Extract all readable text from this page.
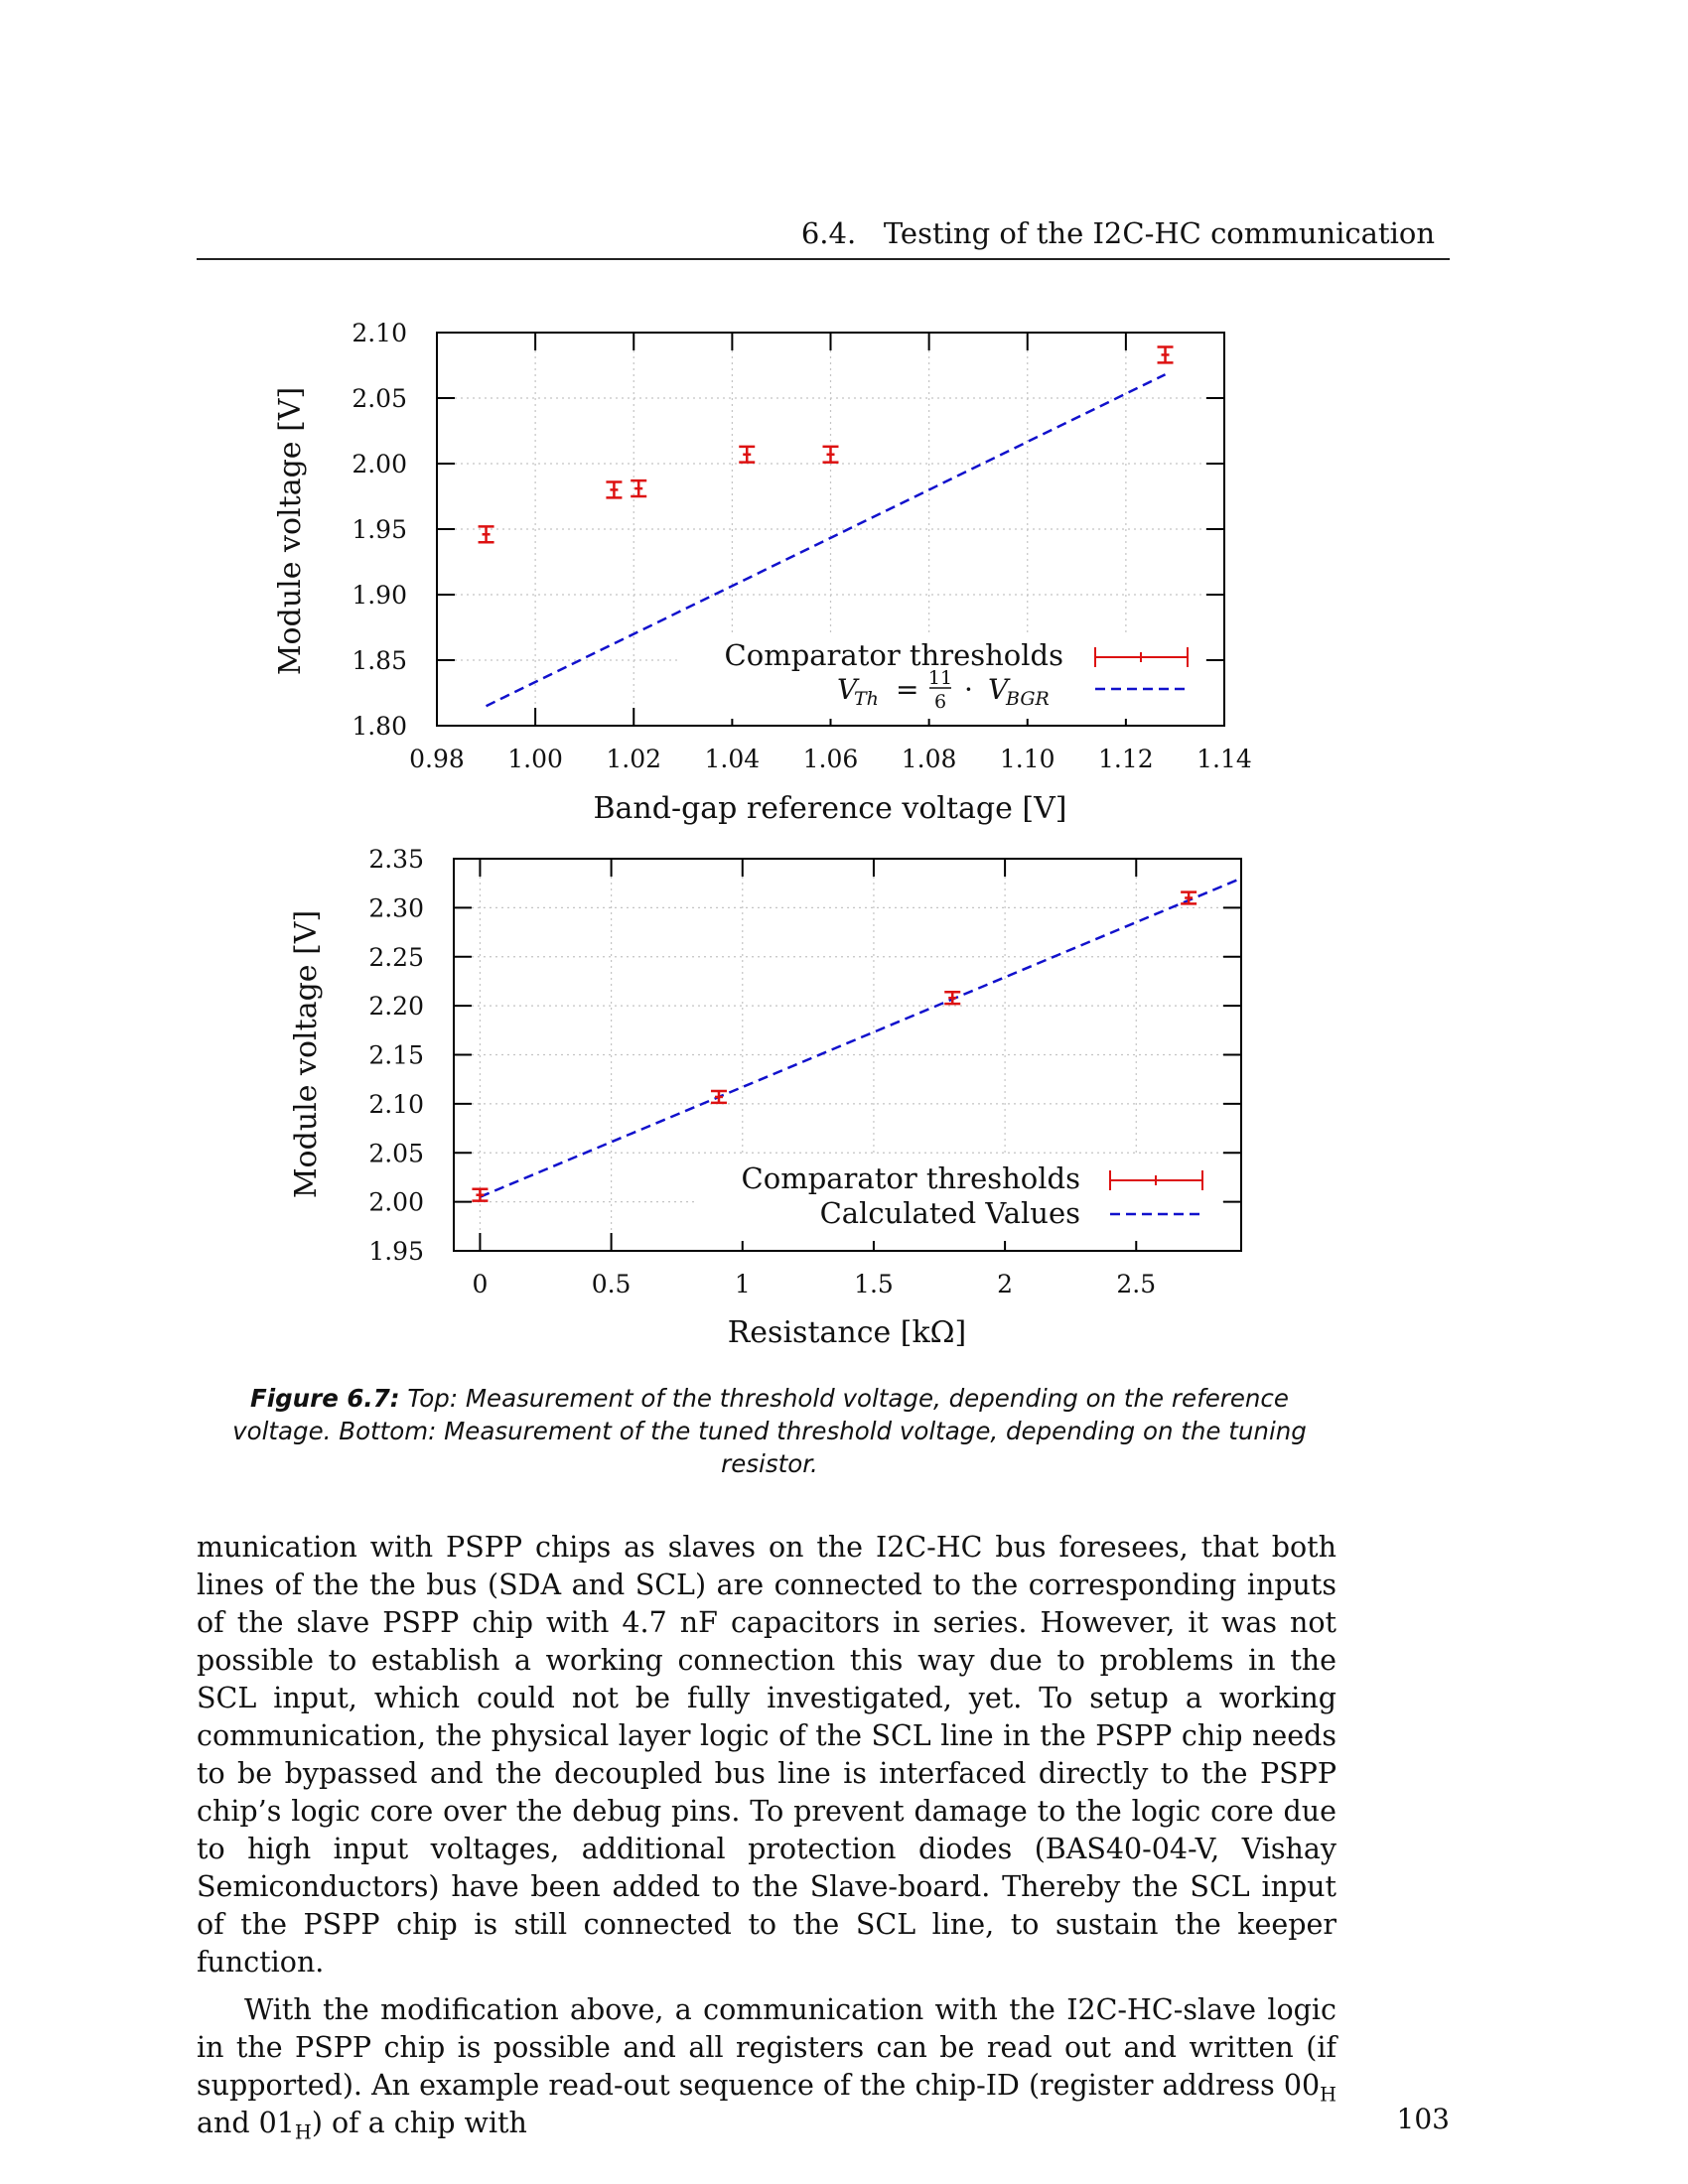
6.4. Testing of the I2C-HC communication
1.80
1.85
1.90
1.95
2.00
2.05
2.10
0.98 1.00 1.02 1.04 1.06 1.08 1.10 1.12 1.14
Module voltage [V]
Band-gap reference voltage [V]
Comparator thresholds
V
Th = 11
6 · V
BGR
1.95
2.00
2.05
2.10
2.15
2.20
2.25
2.30
2.35
0	0.5	1	1.5	2	2.5
Module voltage [V]
Resistance [kΩ]
Comparator thresholds
Calculated Values
Figure 6.7: Top: Measurement of the threshold voltage, depending on the reference voltage. Bottom: Measurement of the tuned threshold voltage, depending on the tuning resistor.

munication with PSPP chips as slaves on the I2C-HC bus foresees, that both lines of the the bus (SDA and SCL) are connected to the corresponding inputs of the slave PSPP chip with 4.7 nF capacitors in series. However, it was not possible to establish a working connection this way due to problems in the SCL input, which could not be fully investigated, yet. To setup a working communication, the physical layer logic of the SCL line in the PSPP chip needs to be bypassed and the decoupled bus line is interfaced directly to the PSPP chip’s logic core over the debug pins. To prevent damage to the logic core due to high input voltages, additional protection diodes (BAS40-04-V, Vishay Semiconductors) have been added to the Slave-board. Thereby the SCL input of the PSPP chip is still connected to the SCL line, to sustain the keeper function.

With the modification above, a communication with the I2C-HC-slave logic in the PSPP chip is possible and all registers can be read out and written (if supported). An example read-out sequence of the chip-ID (register address $00_H$ and $01_H$) of a chip with	103
